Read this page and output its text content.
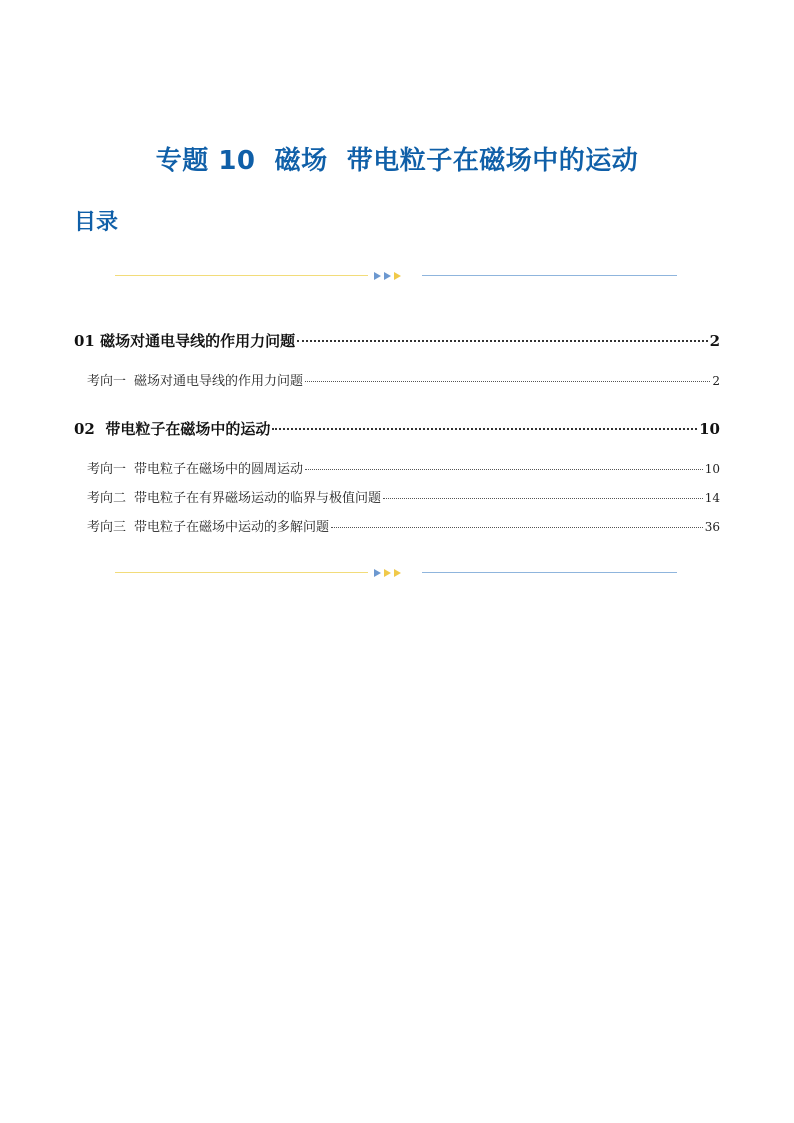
专题 10  磁场  带电粒子在磁场中的运动
目录
01 磁场对通电导线的作用力问题	2
考向一 磁场对通电导线的作用力问题	2
02  带电粒子在磁场中的运动	10
考向一 带电粒子在磁场中的圆周运动	10
考向二 带电粒子在有界磁场运动的临界与极值问题	14
考向三 带电粒子在磁场中运动的多解问题	36
